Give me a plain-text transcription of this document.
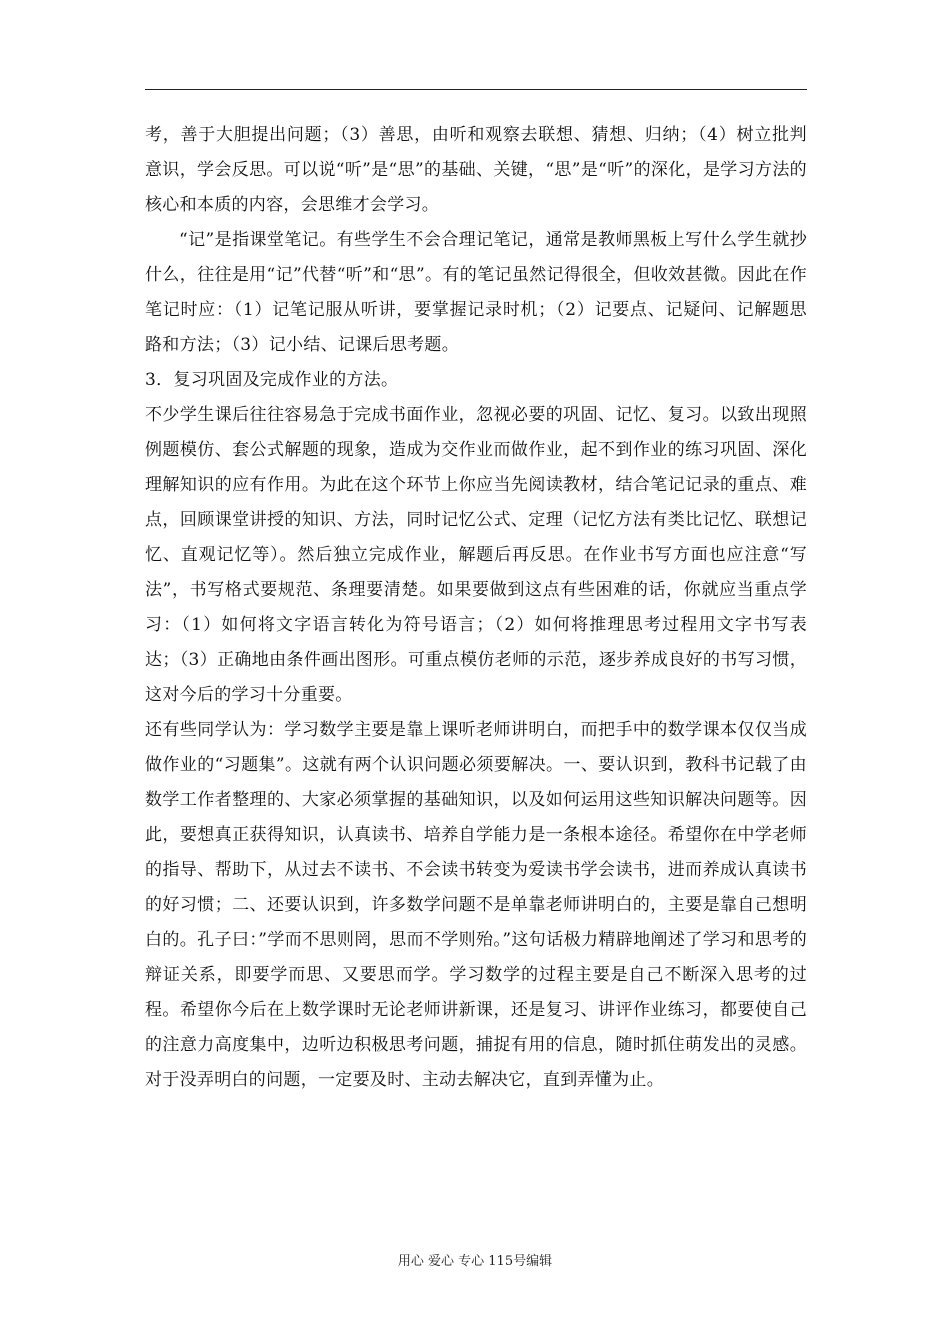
考，善于大胆提出问题；（3）善思，由听和观察去联想、猜想、归纳；（4）树立批判意识，学会反思。可以说“听”是“思”的基础、关键，“思”是“听”的深化，是学习方法的核心和本质的内容，会思维才会学习。

“记”是指课堂笔记。有些学生不会合理记笔记，通常是教师黑板上写什么学生就抄什么，往往是用“记”代替“听”和“思”。有的笔记虽然记得很全，但收效甚微。因此在作笔记时应：（1）记笔记服从听讲，要掌握记录时机；（2）记要点、记疑问、记解题思路和方法；（3）记小结、记课后思考题。

3．复习巩固及完成作业的方法。

不少学生课后往往容易急于完成书面作业，忽视必要的巩固、记忆、复习。以致出现照例题模仿、套公式解题的现象，造成为交作业而做作业，起不到作业的练习巩固、深化理解知识的应有作用。为此在这个环节上你应当先阅读教材，结合笔记记录的重点、难点，回顾课堂讲授的知识、方法，同时记忆公式、定理（记忆方法有类比记忆、联想记忆、直观记忆等）。然后独立完成作业，解题后再反思。在作业书写方面也应注意“写法”，书写格式要规范、条理要清楚。如果要做到这点有些困难的话，你就应当重点学习：（1）如何将文字语言转化为符号语言；（2）如何将推理思考过程用文字书写表达；（3）正确地由条件画出图形。可重点模仿老师的示范，逐步养成良好的书写习惯，这对今后的学习十分重要。

还有些同学认为：学习数学主要是靠上课听老师讲明白，而把手中的数学课本仅仅当成做作业的“习题集”。这就有两个认识问题必须要解决。一、要认识到，教科书记载了由数学工作者整理的、大家必须掌握的基础知识，以及如何运用这些知识解决问题等。因此，要想真正获得知识，认真读书、培养自学能力是一条根本途径。希望你在中学老师的指导、帮助下，从过去不读书、不会读书转变为爱读书学会读书，进而养成认真读书的好习惯；二、还要认识到，许多数学问题不是单靠老师讲明白的，主要是靠自己想明白的。孔子曰：”学而不思则罔，思而不学则殆。”这句话极力精辟地阐述了学习和思考的辩证关系，即要学而思、又要思而学。学习数学的过程主要是自己不断深入思考的过程。希望你今后在上数学课时无论老师讲新课，还是复习、讲评作业练习，都要使自己的注意力高度集中，边听边积极思考问题，捕捉有用的信息，随时抓住萌发出的灵感。对于没弄明白的问题，一定要及时、主动去解决它，直到弄懂为止。

用心 爱心 专心 115号编辑
